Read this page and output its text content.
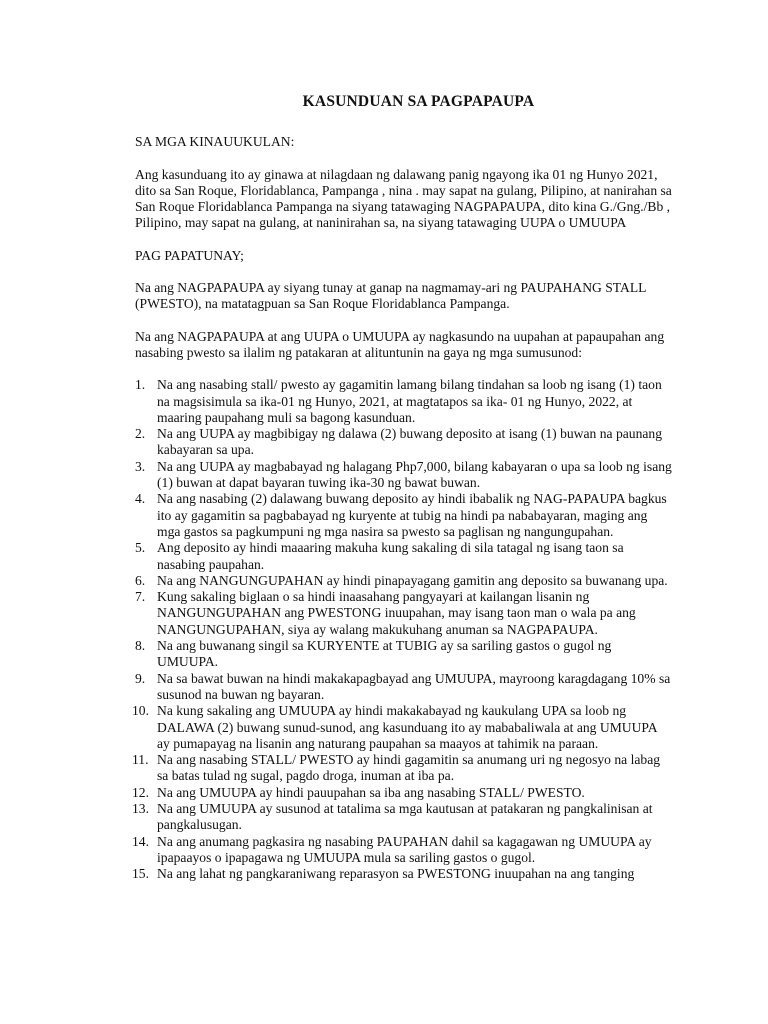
KASUNDUAN SA PAGPAPAUPA

SA MGA KINAUUKULAN:

Ang kasunduang ito ay ginawa at nilagdaan ng dalawang panig ngayong ika 01 ng Hunyo 2021, dito sa San Roque, Floridablanca, Pampanga , nina . may sapat na gulang, Pilipino, at nanirahan sa San Roque Floridablanca Pampanga na siyang tatawaging NAGPAPAUPA, dito kina G./Gng./Bb , Pilipino, may sapat na gulang, at naninirahan sa, na siyang tatawaging UUPA o UMUUPA

PAG PAPATUNAY;

Na ang NAGPAPAUPA ay siyang tunay at ganap na nagmamay-ari ng PAUPAHANG STALL (PWESTO), na matatagpuan sa San Roque Floridablanca Pampanga.

Na ang NAGPAPAUPA at ang UUPA o UMUUPA ay nagkasundo na uupahan at papaupahan ang nasabing pwesto sa ilalim ng patakaran at alituntunin na gaya ng mga sumusunod:

1. Na ang nasabing stall/ pwesto ay gagamitin lamang bilang tindahan sa loob ng isang (1) taon na magsisimula sa ika-01 ng Hunyo, 2021, at magtatapos sa ika- 01 ng Hunyo, 2022, at maaring paupahang muli sa bagong kasunduan.
2. Na ang UUPA ay magbibigay ng dalawa (2) buwang deposito at isang (1) buwan na paunang kabayaran sa upa.
3. Na ang UUPA ay magbabayad ng halagang Php7,000, bilang kabayaran o upa sa loob ng isang (1) buwan at dapat bayaran tuwing ika-30 ng bawat buwan.
4. Na ang nasabing (2) dalawang buwang deposito ay hindi ibabalik ng NAG-PAPAUPA bagkus ito ay gagamitin sa pagbabayad ng kuryente at tubig na hindi pa nababayaran, maging ang mga gastos sa pagkumpuni ng mga nasira sa pwesto sa paglisan ng nangungupahan.
5. Ang deposito ay hindi maaaring makuha kung sakaling di sila tatagal ng isang taon sa nasabing paupahan.
6. Na ang NANGUNGUPAHAN ay hindi pinapayagang gamitin ang deposito sa buwanang upa.
7. Kung sakaling biglaan o sa hindi inaasahang pangyayari at kailangan lisanin ng NANGUNGUPAHAN ang PWESTONG inuupahan, may isang taon man o wala pa ang NANGUNGUPAHAN, siya ay walang makukuhang anuman sa NAGPAPAUPA.
8. Na ang buwanang singil sa KURYENTE at TUBIG ay sa sariling gastos o gugol ng UMUUPA.
9. Na sa bawat buwan na hindi makakapagbayad ang UMUUPA, mayroong karagdagang 10% sa susunod na buwan ng bayaran.
10. Na kung sakaling ang UMUUPA ay hindi makakabayad ng kaukulang UPA sa loob ng DALAWA (2) buwang sunud-sunod, ang kasunduang ito ay mababaliwala at ang UMUUPA ay pumapayag na lisanin ang naturang paupahan sa maayos at tahimik na paraan.
11. Na ang nasabing STALL/ PWESTO ay hindi gagamitin sa anumang uri ng negosyo na labag sa batas tulad ng sugal, pagdo droga, inuman at iba pa.
12. Na ang UMUUPA ay hindi pauupahan sa iba ang nasabing STALL/ PWESTO.
13. Na ang UMUUPA ay susunod at tatalima sa mga kautusan at patakaran ng pangkalinisan at pangkalusugan.
14. Na ang anumang pagkasira ng nasabing PAUPAHAN dahil sa kagagawan ng UMUUPA ay ipapaayos o ipapagawa ng UMUUPA mula sa sariling gastos o gugol.
15. Na ang lahat ng pangkaraniwang reparasyon sa PWESTONG inuupahan na ang tanging
